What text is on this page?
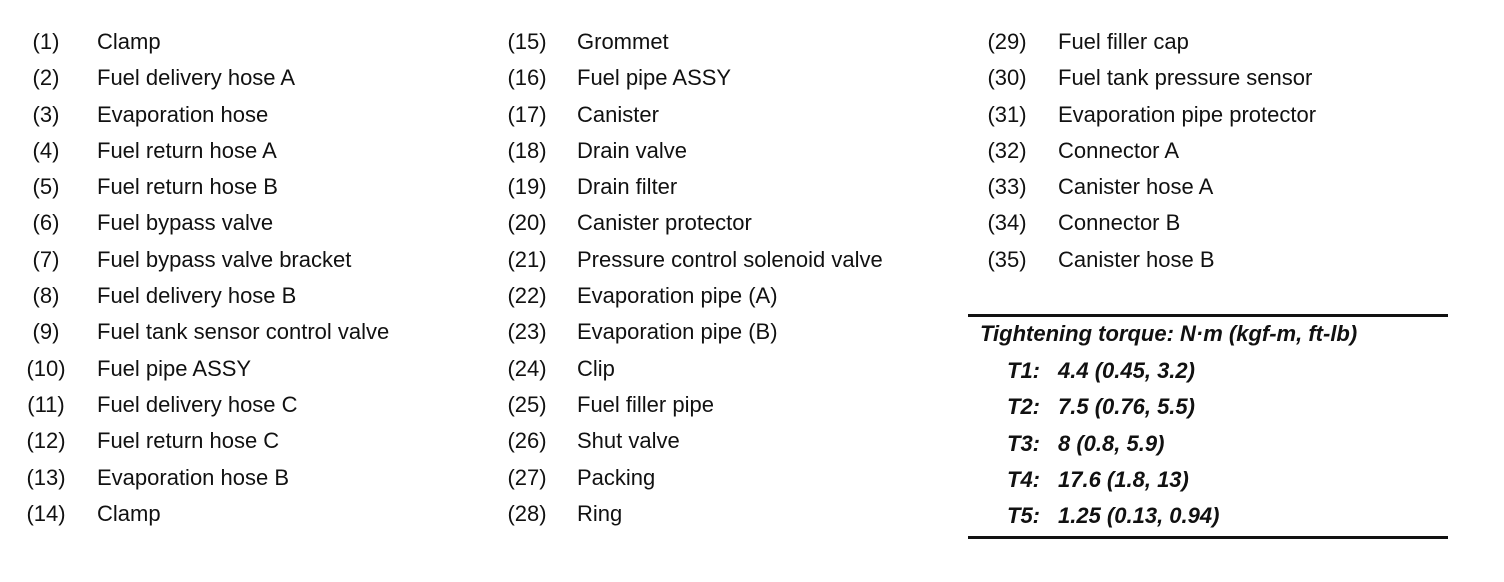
(1)	Clamp
(2)	Fuel delivery hose A
(3)	Evaporation hose
(4)	Fuel return hose A
(5)	Fuel return hose B
(6)	Fuel bypass valve
(7)	Fuel bypass valve bracket
(8)	Fuel delivery hose B
(9)	Fuel tank sensor control valve
(10) Fuel pipe ASSY
(11) Fuel delivery hose C
(12) Fuel return hose C
(13) Evaporation hose B
(14) Clamp
(15) Grommet
(16) Fuel pipe ASSY
(17) Canister
(18) Drain valve
(19) Drain filter
(20) Canister protector
(21) Pressure control solenoid valve
(22) Evaporation pipe (A)
(23) Evaporation pipe (B)
(24) Clip
(25) Fuel filler pipe
(26) Shut valve
(27) Packing
(28) Ring
(29) Fuel filler cap
(30) Fuel tank pressure sensor
(31) Evaporation pipe protector
(32) Connector A
(33) Canister hose A
(34) Connector B
(35) Canister hose B
Tightening torque: N·m (kgf-m, ft-lb)
T1: 4.4 (0.45, 3.2)
T2: 7.5 (0.76, 5.5)
T3: 8 (0.8, 5.9)
T4: 17.6 (1.8, 13)
T5: 1.25 (0.13, 0.94)
